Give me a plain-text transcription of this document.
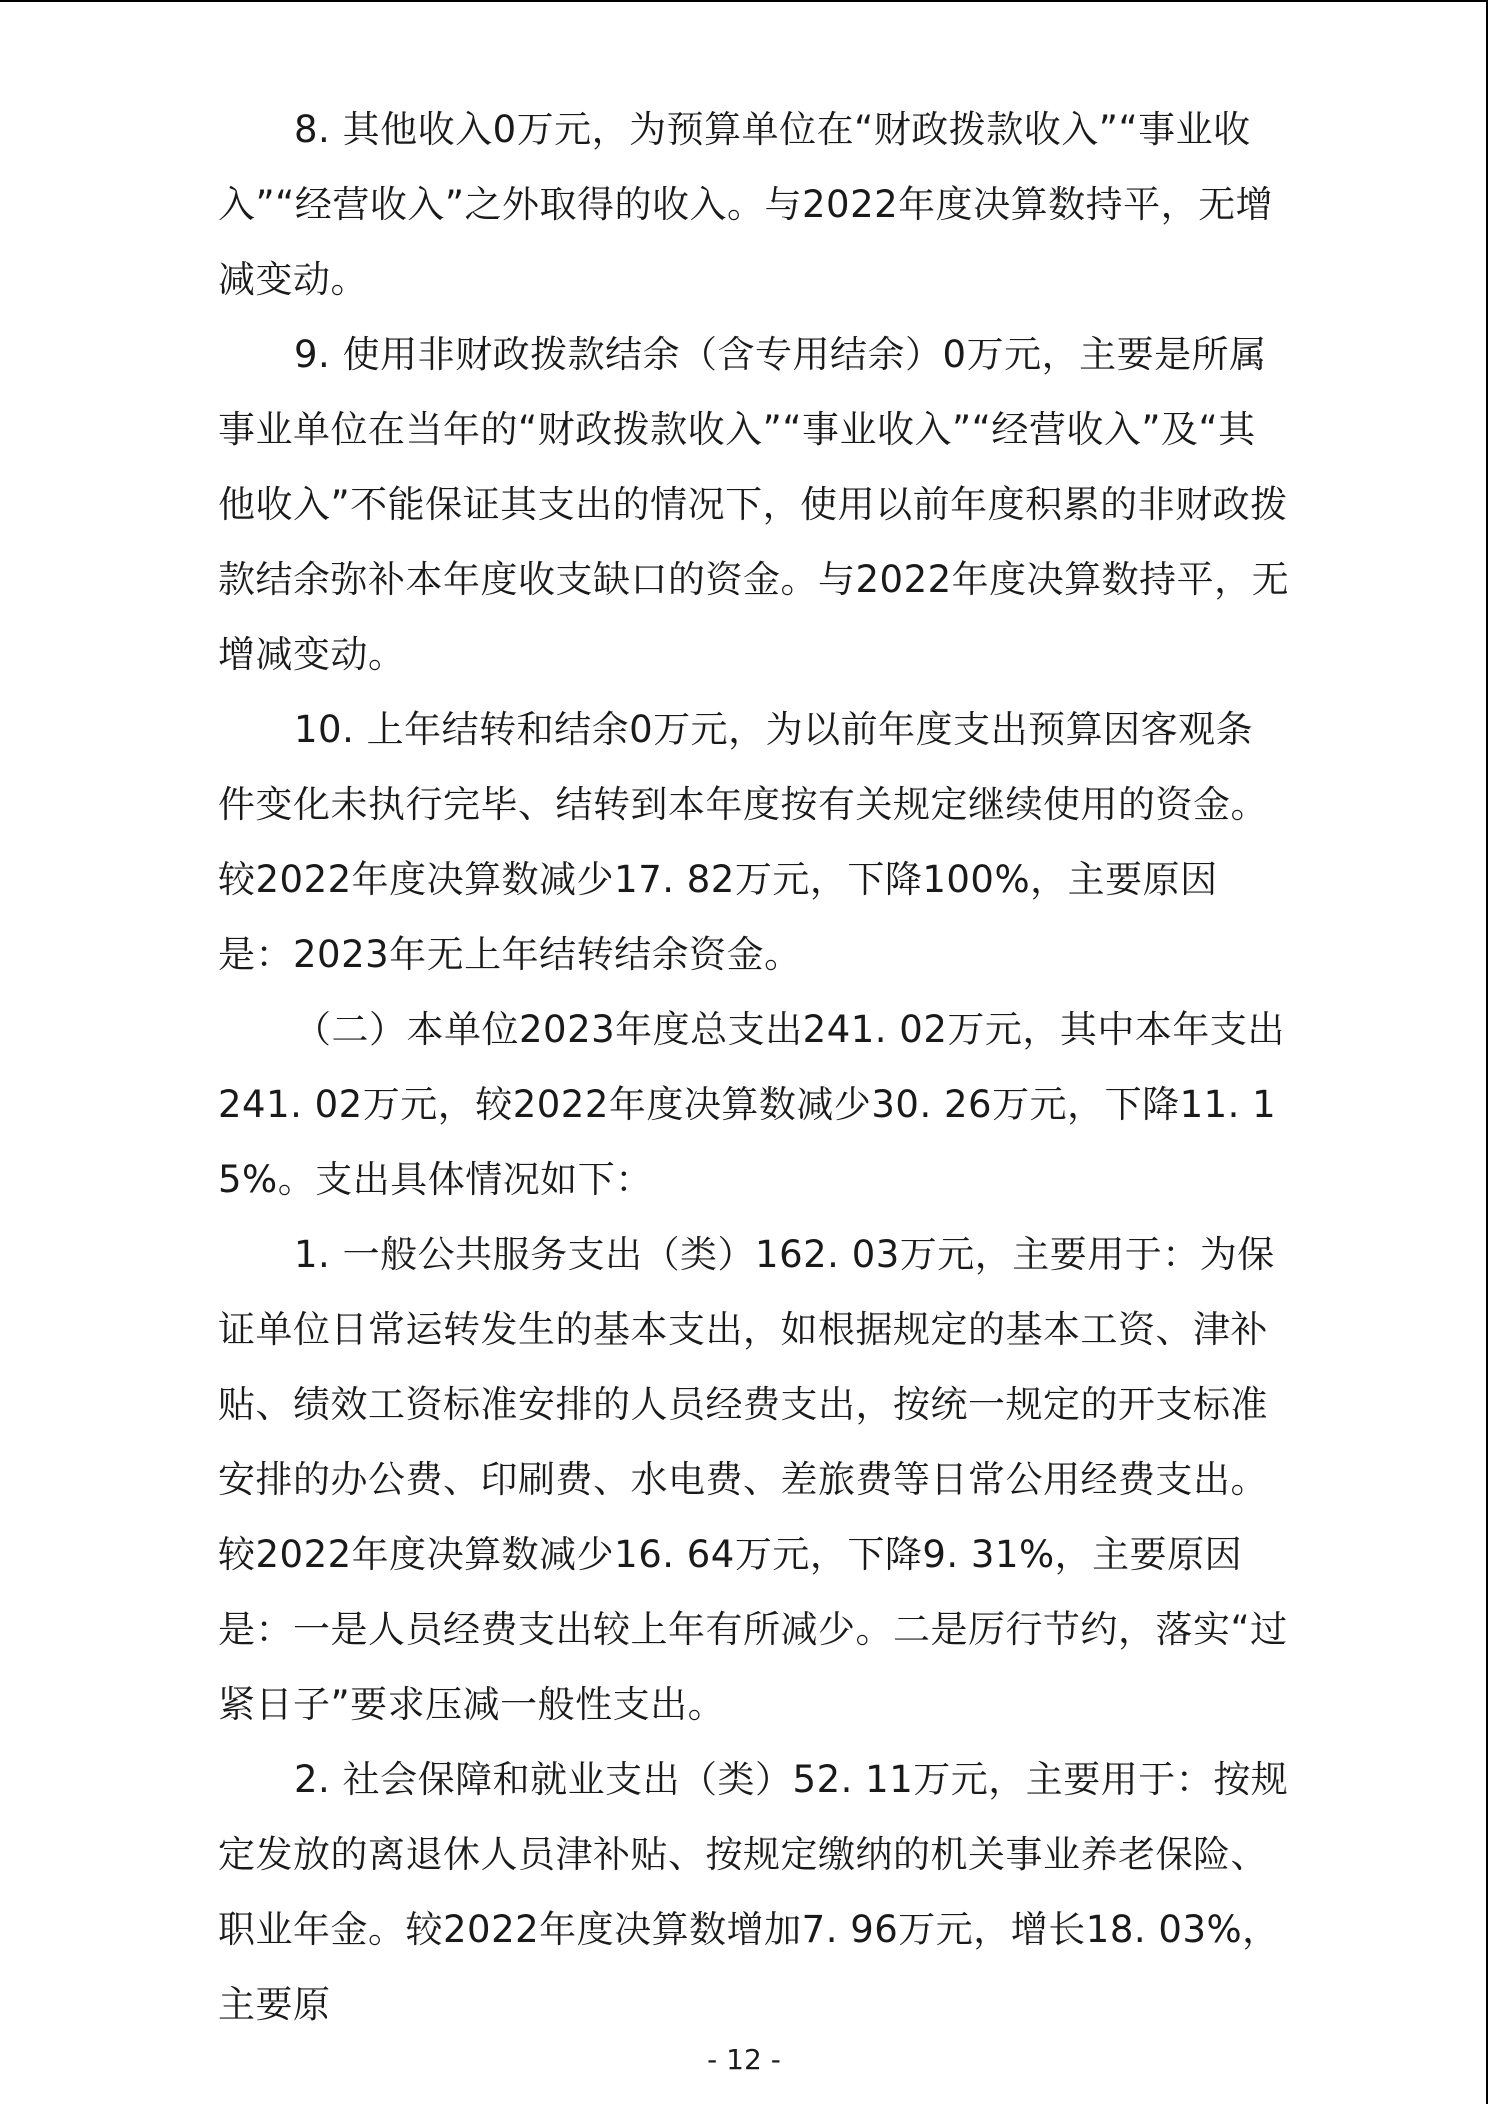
8. 其他收入0万元，为预算单位在“财政拨款收入”“事业收入”“经营收入”之外取得的收入。与2022年度决算数持平，无增减变动。

9. 使用非财政拨款结余（含专用结余）0万元，主要是所属事业单位在当年的“财政拨款收入”“事业收入”“经营收入”及“其他收入”不能保证其支出的情况下，使用以前年度积累的非财政拨款结余弥补本年度收支缺口的资金。与2022年度决算数持平，无增减变动。

10. 上年结转和结余0万元，为以前年度支出预算因客观条件变化未执行完毕、结转到本年度按有关规定继续使用的资金。较2022年度决算数减少17. 82万元，下降100%，主要原因是：2023年无上年结转结余资金。

（二）本单位2023年度总支出241. 02万元，其中本年支出241. 02万元，较2022年度决算数减少30. 26万元，下降11. 15%。支出具体情况如下：

1. 一般公共服务支出（类）162. 03万元，主要用于：为保证单位日常运转发生的基本支出，如根据规定的基本工资、津补贴、绩效工资标准安排的人员经费支出，按统一规定的开支标准安排的办公费、印刷费、水电费、差旅费等日常公用经费支出。较2022年度决算数减少16. 64万元，下降9. 31%，主要原因是：一是人员经费支出较上年有所减少。二是厉行节约，落实“过紧日子”要求压减一般性支出。

2. 社会保障和就业支出（类）52. 11万元，主要用于：按规定发放的离退休人员津补贴、按规定缴纳的机关事业养老保险、职业年金。较2022年度决算数增加7. 96万元，增长18. 03%，主要原

- 12 -
